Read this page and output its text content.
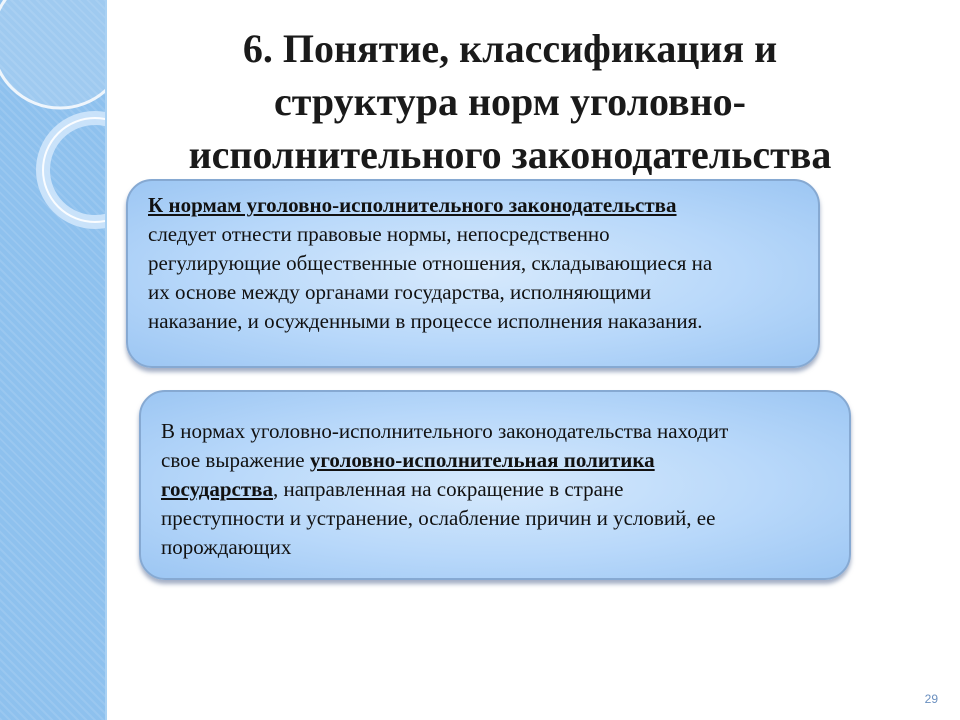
6. Понятие, классификация и
структура норм уголовно-
исполнительного законодательства
К нормам уголовно-исполнительного законодательства
следует отнести правовые нормы, непосредственно
регулирующие общественные отношения, складывающиеся на
их основе между органами государства, исполняющими
наказание, и осужденными в процессе исполнения наказания.
В нормах уголовно-исполнительного законодательства находит
свое выражение уголовно-исполнительная политика
государства, направленная на сокращение в стране
преступности и устранение, ослабление причин и условий, ее
порождающих
29
